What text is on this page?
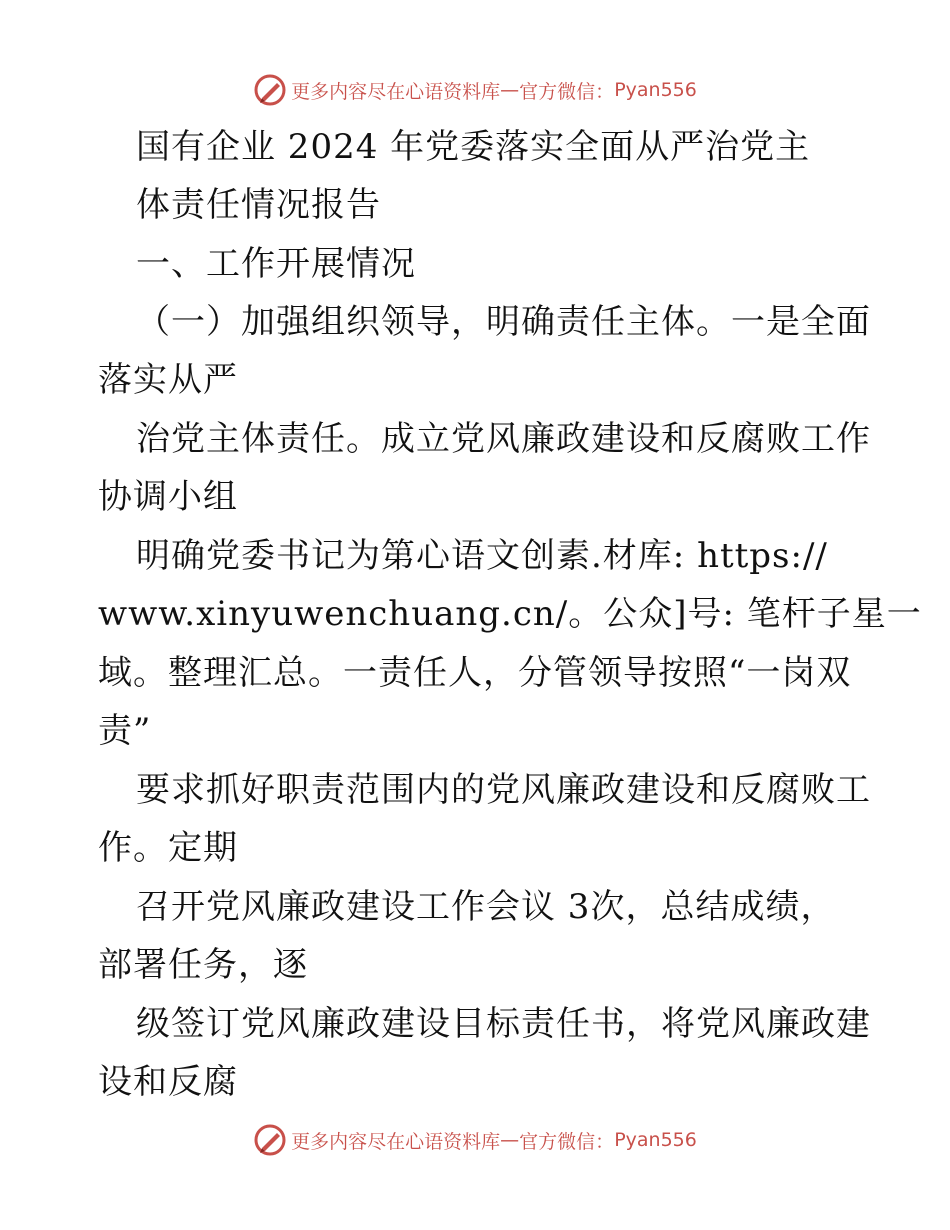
更多内容尽在心语资料库 — 官方微信： Pyan556
国有企业 2024 年党委落实全面从严治党主
体责任情况报告
一、工作开展情况
（一）加强组织领导，明确责任主体。一是全面
落实从严
治党主体责任。成立党风廉政建设和反腐败工作
协调小组
明确党委书记为第心语文创素.材库: https://
www.xinyuwenchuang.cn/。公众]号: 笔杆子星一
域。整理汇总。一责任人，分管领导按照“一岗双
责”
要求抓好职责范围内的党风廉政建设和反腐败工
作。定期
召开党风廉政建设工作会议 3次，总结成绩，
部署任务，逐
级签订党风廉政建设目标责任书，将党风廉政建
设和反腐
更多内容尽在心语资料库 — 官方微信： Pyan556
